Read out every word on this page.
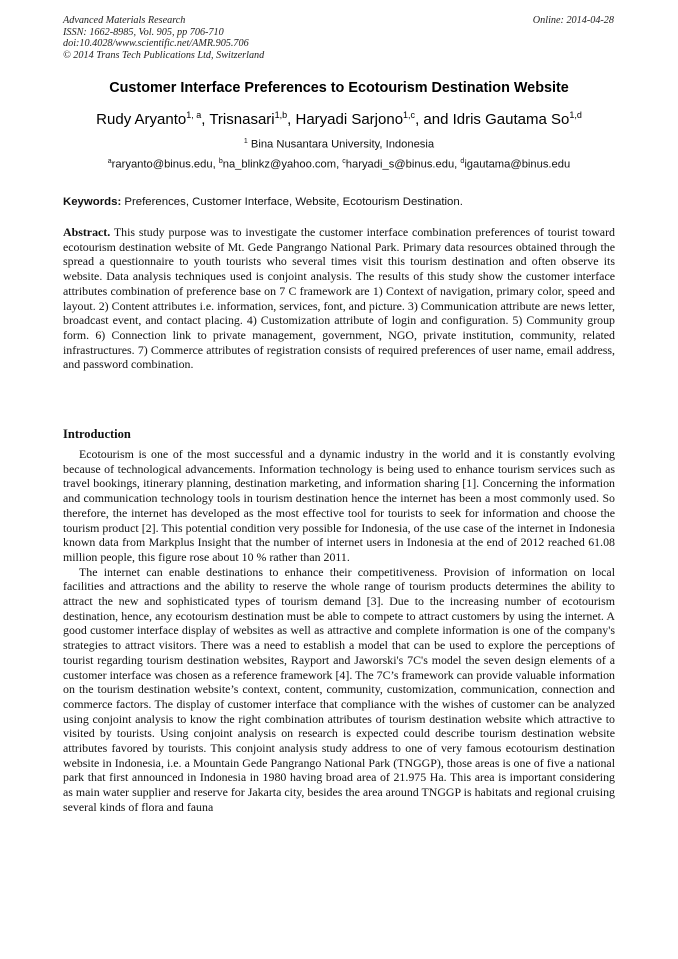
Advanced Materials Research
ISSN: 1662-8985, Vol. 905, pp 706-710
doi:10.4028/www.scientific.net/AMR.905.706
© 2014 Trans Tech Publications Ltd, Switzerland
Online: 2014-04-28
Customer Interface Preferences to Ecotourism Destination Website
Rudy Aryanto$^{1, a}$, Trisnasari$^{1,b}$, Haryadi Sarjono$^{1,c}$, and Idris Gautama So$^{1,d}$
$^1$ Bina Nusantara University, Indonesia
$^a$raryanto@binus.edu, $^b$na_blinkz@yahoo.com, $^c$haryadi_s@binus.edu, $^d$igautama@binus.edu
Keywords: Preferences, Customer Interface, Website, Ecotourism Destination.
Abstract. This study purpose was to investigate the customer interface combination preferences of tourist toward ecotourism destination website of Mt. Gede Pangrango National Park. Primary data resources obtained through the spread a questionnaire to youth tourists who several times visit this tourism destination and often observe its website. Data analysis techniques used is conjoint analysis. The results of this study show the customer interface attributes combination of preference base on 7 C framework are 1) Context of navigation, primary color, speed and layout. 2) Content attributes i.e. information, services, font, and picture. 3) Communication attribute are news letter, broadcast event, and contact placing. 4) Customization attribute of login and configuration. 5) Community group form. 6) Connection link to private management, government, NGO, private institution, community, related infrastructures. 7) Commerce attributes of registration consists of required preferences of user name, email address, and password combination.
Introduction

Ecotourism is one of the most successful and a dynamic industry in the world and it is constantly evolving because of technological advancements. Information technology is being used to enhance tourism services such as travel bookings, itinerary planning, destination marketing, and information sharing [1]. Concerning the information and communication technology tools in tourism destination hence the internet has been a most commonly used. So therefore, the internet has developed as the most effective tool for tourists to seek for information and choose the tourism product [2]. This potential condition very possible for Indonesia, of the use case of the internet in Indonesia known data from Markplus Insight that the number of internet users in Indonesia at the end of 2012 reached 61.08 million people, this figure rose about 10 % rather than 2011.

The internet can enable destinations to enhance their competitiveness. Provision of information on local facilities and attractions and the ability to reserve the whole range of tourism products determines the ability to attract the new and sophisticated types of tourism demand [3]. Due to the increasing number of ecotourism destination, hence, any ecotourism destination must be able to compete to attract customers by using the internet. A good customer interface display of websites as well as attractive and complete information is one of the company's strategies to attract visitors. There was a need to establish a model that can be used to explore the perceptions of tourist regarding tourism destination websites, Rayport and Jaworski's 7C's model the seven design elements of a customer interface was chosen as a reference framework [4]. The 7C’s framework can provide valuable information on the tourism destination website’s context, content, community, customization, communication, connection and commerce factors. The display of customer interface that compliance with the wishes of customer can be analyzed using conjoint analysis to know the right combination attributes of tourism destination website which attractive to visited by tourists. Using conjoint analysis on research is expected could describe tourism destination website attributes favored by tourists. This conjoint analysis study address to one of very famous ecotourism destination website in Indonesia, i.e. a Mountain Gede Pangrango National Park (TNGGP), those areas is one of five a national park that first announced in Indonesia in 1980 having broad area of 21.975 Ha. This area is important considering as main water supplier and reserve for Jakarta city, besides the area around TNGGP is habitats and regional cruising several kinds of flora and fauna
